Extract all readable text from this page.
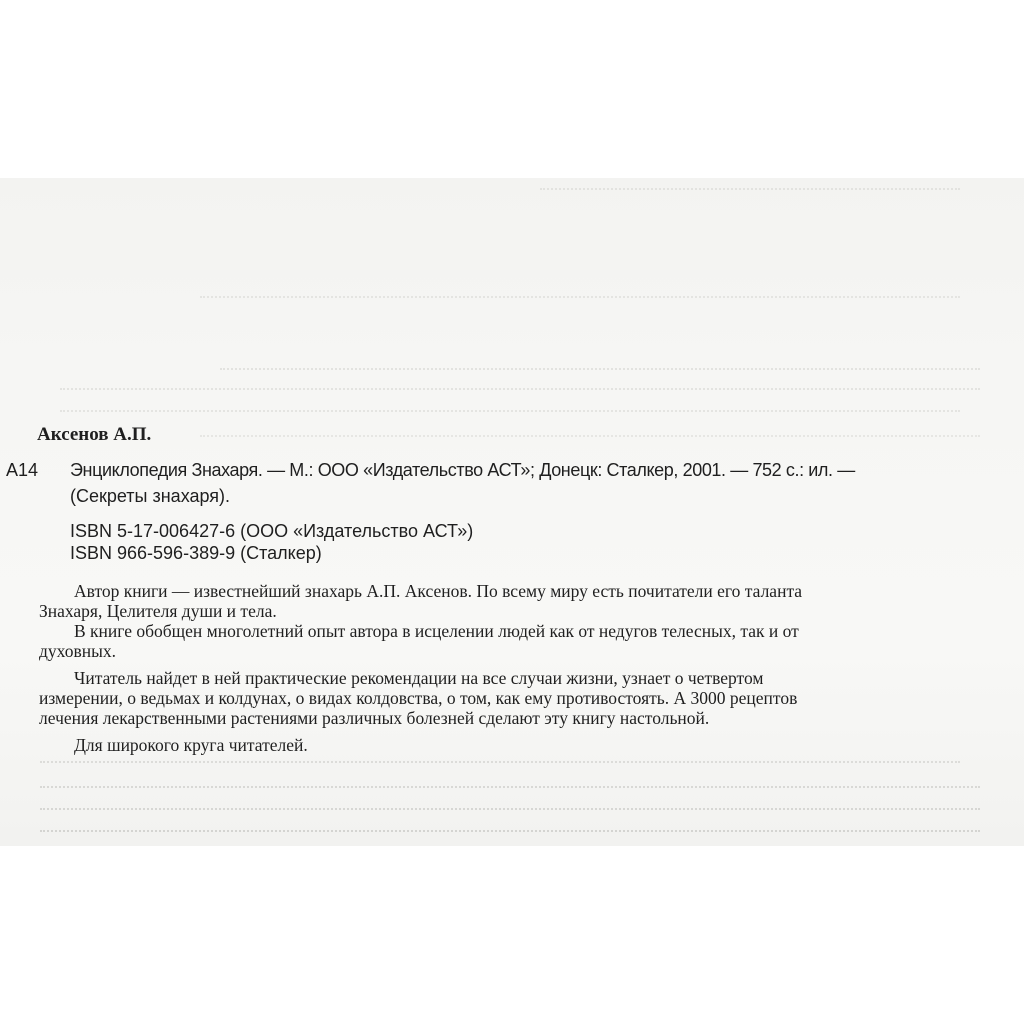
Аксенов А.П.
А14 Энциклопедия Знахаря. — М.: ООО «Издательство АСТ»; Донецк: Сталкер, 2001. — 752 с.: ил. —
(Секреты знахаря).
ISBN 5-17-006427-6 (ООО «Издательство АСТ»)
ISBN 966-596-389-9 (Сталкер)
Автор книги — известнейший знахарь А.П. Аксенов. По всему миру есть почитатели его таланта
Знахаря, Целителя души и тела.
В книге обобщен многолетний опыт автора в исцелении людей как от недугов телесных, так и от
духовных.
Читатель найдет в ней практические рекомендации на все случаи жизни, узнает о четвертом
измерении, о ведьмах и колдунах, о видах колдовства, о том, как ему противостоять. А 3000 рецептов
лечения лекарственными растениями различных болезней сделают эту книгу настольной.
Для широкого круга читателей.
